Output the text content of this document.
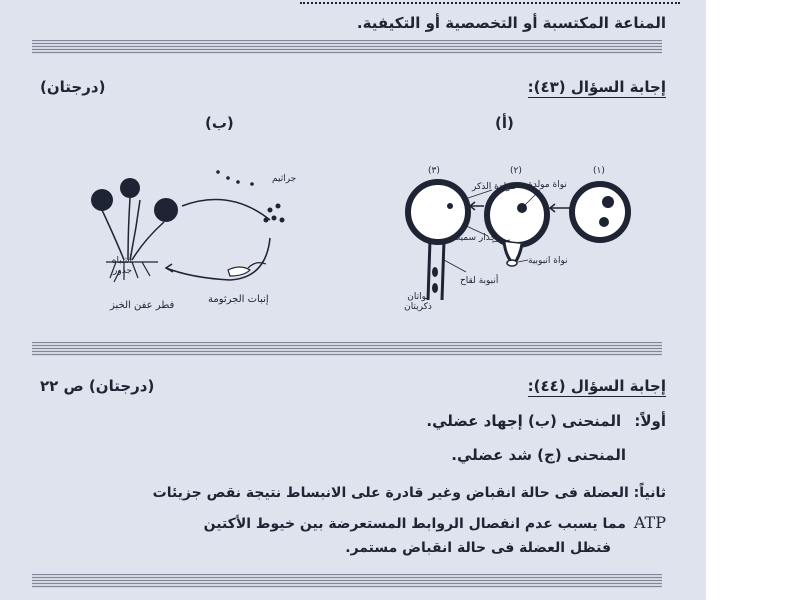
المناعة المكتسبة أو التخصصية أو التكيفية.
إجابة السؤال (٤٣):
(درجتان)
(أ)
(ب)
(١)
(٢)
(٣)
نواة مولدة
مولدة الذكر
جدار سميك
نواة انبوبية
أنبوبة لقاح
نواتان ذكريتان
جراثيم
أشباه جذور
إنبات الجرثومة
فطر عفن الخبز
إجابة السؤال (٤٤):
(درجتان) ص ٢٢
أولاً: المنحنى (ب) إجهاد عضلي.
المنحنى (ج) شد عضلي.
ثانياً: العضلة فى حالة انقباض وغير قادرة على الانبساط نتيجة نقص جزيئات
ATPمما يسبب عدم انفصال الروابط المستعرضة بين خيوط الأكتين
فتظل العضلة فى حالة انقباض مستمر.
